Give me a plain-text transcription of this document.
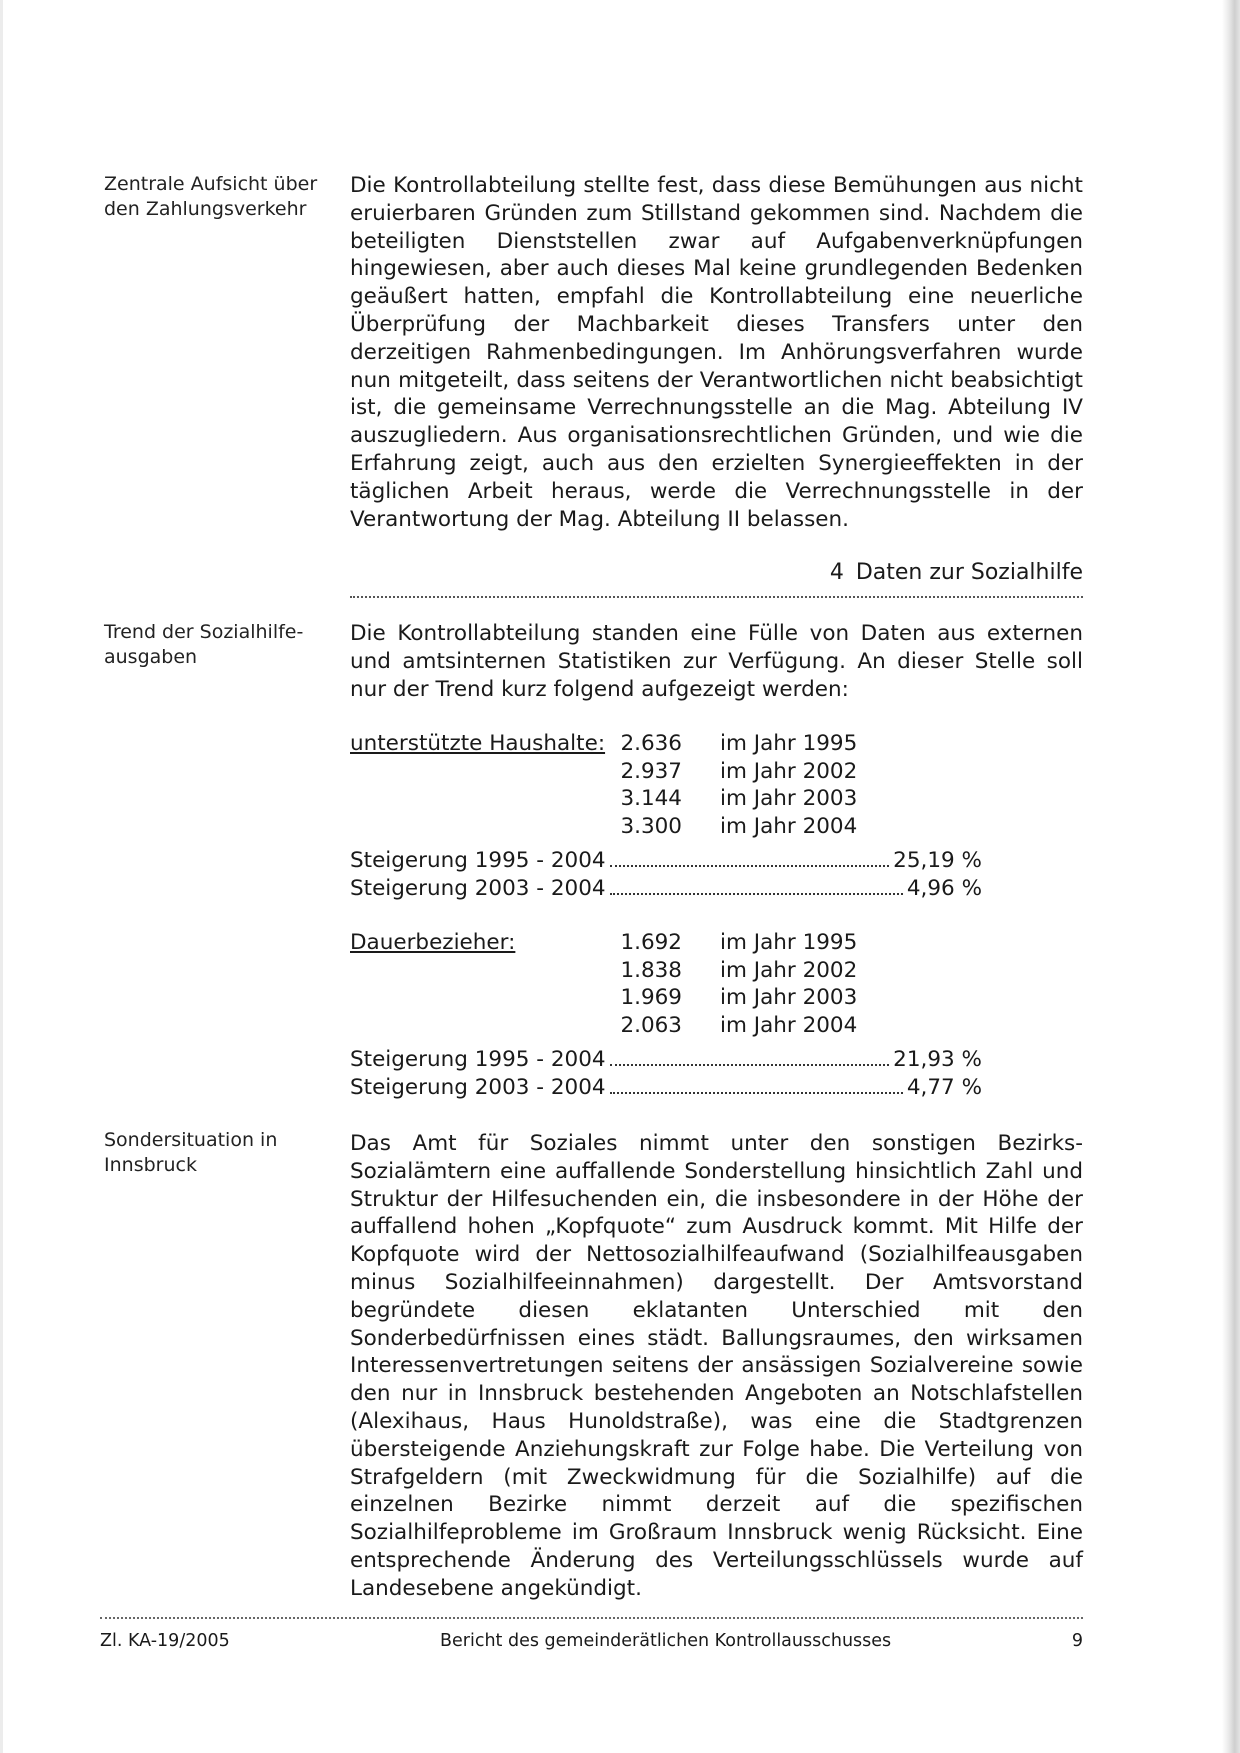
Zentrale Aufsicht über
den Zahlungsverkehr
Die Kontrollabteilung stellte fest, dass diese Bemühungen aus nicht eruierbaren Gründen zum Stillstand gekommen sind. Nachdem die beteiligten Dienststellen zwar auf Aufgabenverknüpfungen hingewiesen, aber auch dieses Mal keine grundlegenden Bedenken geäußert hatten, empfahl die Kontrollabteilung eine neuerliche Überprüfung der Machbarkeit dieses Transfers unter den derzeitigen Rahmenbedingungen. Im Anhörungsverfahren wurde nun mitgeteilt, dass seitens der Verantwortlichen nicht beabsichtigt ist, die gemeinsame Verrechnungsstelle an die Mag. Abteilung IV auszugliedern. Aus organisationsrechtlichen Gründen, und wie die Erfahrung zeigt, auch aus den erzielten Synergieeffekten in der täglichen Arbeit heraus, werde die Verrechnungsstelle in der Verantwortung der Mag. Abteilung II belassen.
4 Daten zur Sozialhilfe
Trend der Sozialhilfe-
ausgaben
Die Kontrollabteilung standen eine Fülle von Daten aus externen und amtsinternen Statistiken zur Verfügung. An dieser Stelle soll nur der Trend kurz folgend aufgezeigt werden:
unterstützte Haushalte: 2.636 im Jahr 1995
2.937 im Jahr 2002
3.144 im Jahr 2003
3.300 im Jahr 2004
Steigerung 1995 - 2004	25,19 %
Steigerung 2003 - 2004	4,96 %
Dauerbezieher:	1.692 im Jahr 1995
1.838 im Jahr 2002
1.969 im Jahr 2003
2.063 im Jahr 2004
Steigerung 1995 - 2004	21,93 %
Steigerung 2003 - 2004	4,77 %
Sondersituation in
Innsbruck
Das Amt für Soziales nimmt unter den sonstigen Bezirks-Sozialämtern eine auffallende Sonderstellung hinsichtlich Zahl und Struktur der Hilfesuchenden ein, die insbesondere in der Höhe der auffallend hohen „Kopfquote“ zum Ausdruck kommt. Mit Hilfe der Kopfquote wird der Nettosozialhilfeaufwand (Sozialhilfeausgaben minus Sozialhilfeeinnahmen) dargestellt. Der Amtsvorstand begründete diesen eklatanten Unterschied mit den Sonderbedürfnissen eines städt. Ballungsraumes, den wirksamen Interessenvertretungen seitens der ansässigen Sozialvereine sowie den nur in Innsbruck bestehenden Angeboten an Notschlafstellen (Alexihaus, Haus Hunoldstraße), was eine die Stadtgrenzen übersteigende Anziehungskraft zur Folge habe. Die Verteilung von Strafgeldern (mit Zweckwidmung für die Sozialhilfe) auf die einzelnen Bezirke nimmt derzeit auf die spezifischen Sozialhilfeprobleme im Großraum Innsbruck wenig Rücksicht. Eine entsprechende Änderung des Verteilungsschlüssels wurde auf Landesebene angekündigt.
Zl. KA-19/2005	Bericht des gemeinderätlichen Kontrollausschusses	9
